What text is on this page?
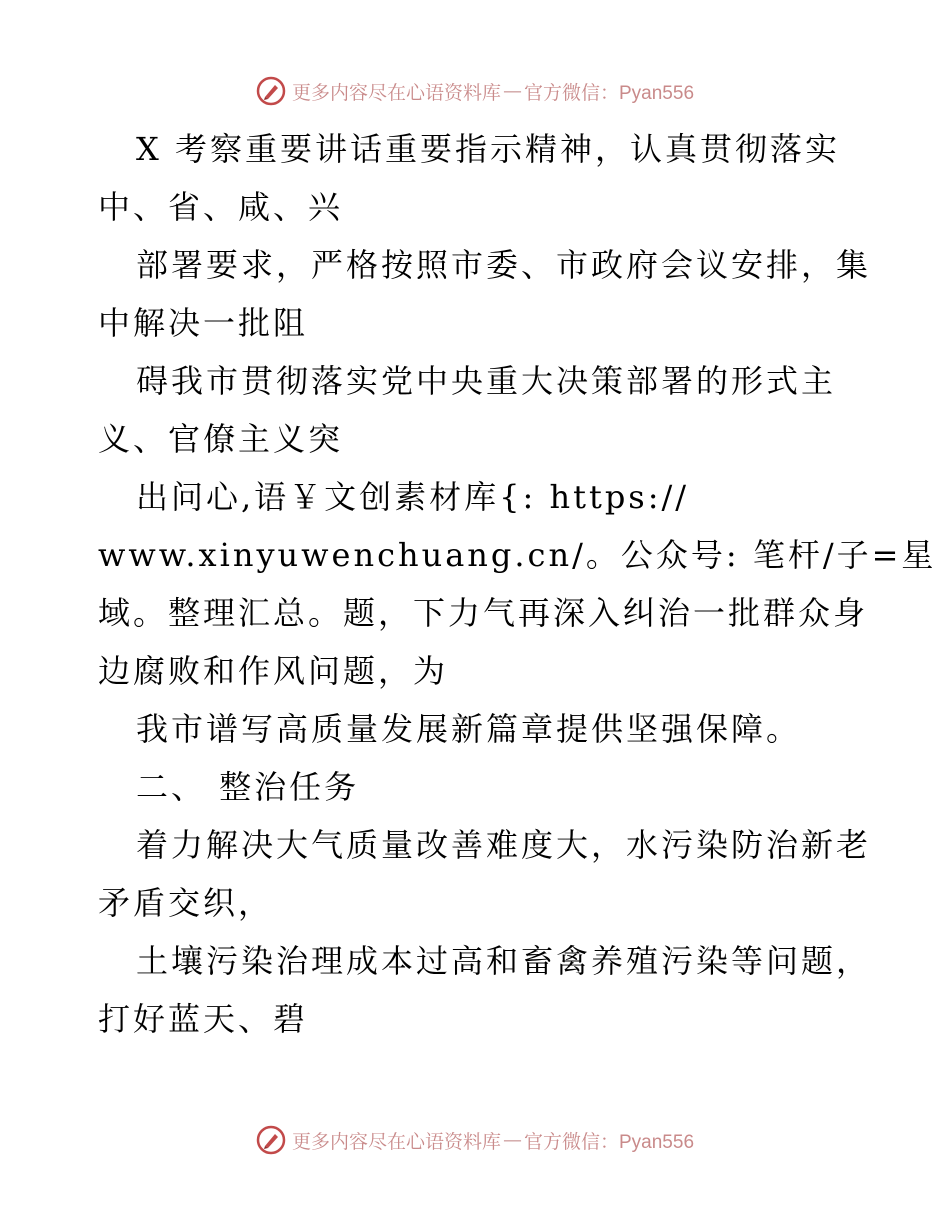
更多内容尽在心语资料库 — 官方微信：Pyan556

X 考察重要讲话重要指示精神，认真贯彻落实

中、省、咸、兴

部署要求，严格按照市委、市政府会议安排，集

中解决一批阻

碍我市贯彻落实党中央重大决策部署的形式主

义、官僚主义突

出问心,语￥文创素材库{: https://

www.xinyuwenchuang.cn/。公众号: 笔杆/子=星

域。整理汇总。题，下力气再深入纠治一批群众身

边腐败和作风问题，为

我市谱写高质量发展新篇章提供坚强保障。

二、 整治任务

着力解决大气质量改善难度大，水污染防治新老

矛盾交织，

土壤污染治理成本过高和畜禽养殖污染等问题，

打好蓝天、碧

更多内容尽在心语资料库 — 官方微信：Pyan556
